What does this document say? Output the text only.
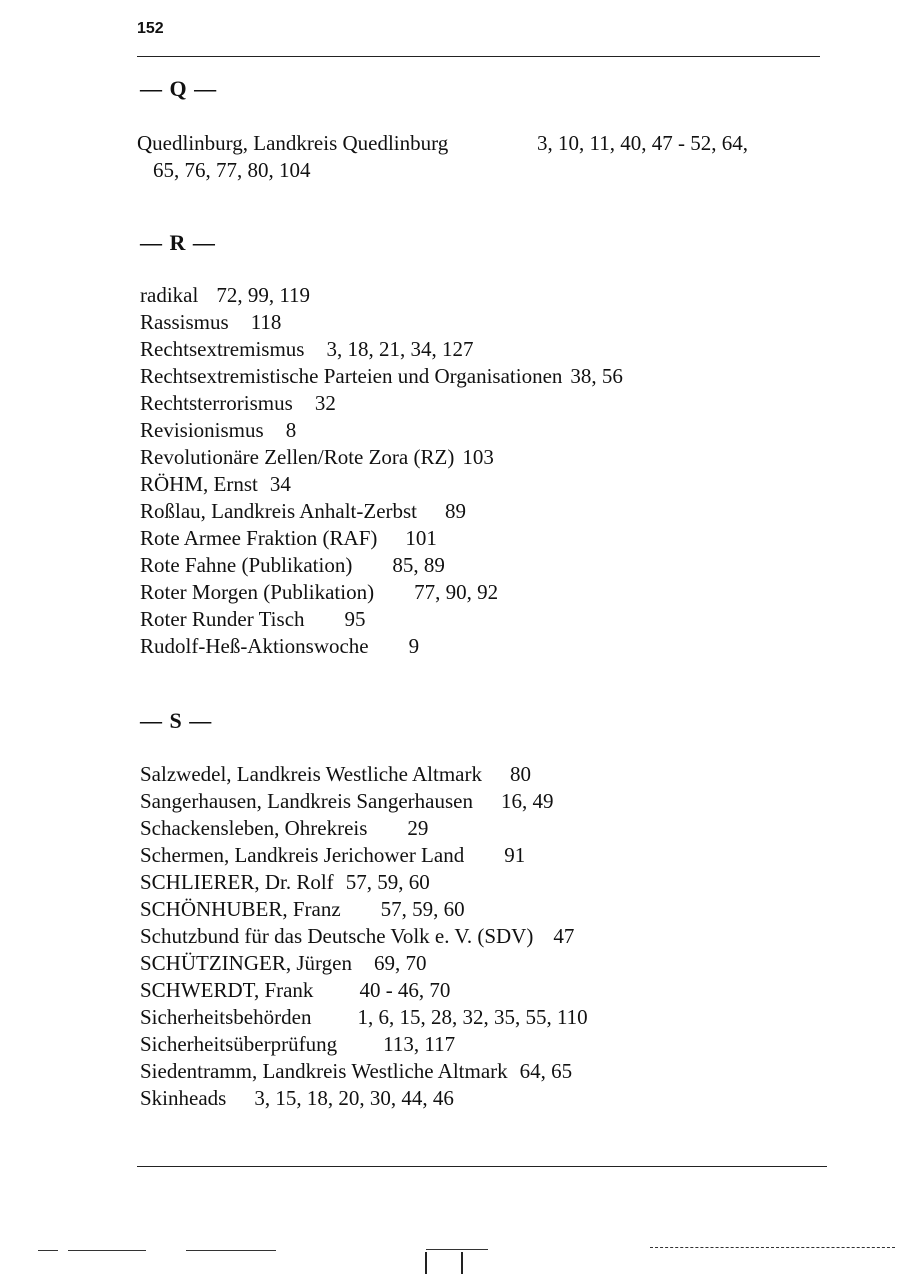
152
— Q —
Quedlinburg, Landkreis Quedlinburg	3, 10, 11, 40, 47 - 52, 64,
65, 76, 77, 80, 104
— R —
radikal 72, 99, 119
Rassismus 118
Rechtsextremismus 3, 18, 21, 34, 127
Rechtsextremistische Parteien und Organisationen 38, 56
Rechtsterrorismus 32
Revisionismus 8
Revolutionäre Zellen/Rote Zora (RZ) 103
RÖHM, Ernst 34
Roßlau, Landkreis Anhalt-Zerbst 89
Rote Armee Fraktion (RAF) 101
Rote Fahne (Publikation) 85, 89
Roter Morgen (Publikation) 77, 90, 92
Roter Runder Tisch 95
Rudolf-Heß-Aktionswoche 9
— S —
Salzwedel, Landkreis Westliche Altmark 80
Sangerhausen, Landkreis Sangerhausen 16, 49
Schackensleben, Ohrekreis 29
Schermen, Landkreis Jerichower Land 91
SCHLIERER, Dr. Rolf 57, 59, 60
SCHÖNHUBER, Franz 57, 59, 60
Schutzbund für das Deutsche Volk e. V. (SDV) 47
SCHÜTZINGER, Jürgen 69, 70
SCHWERDT, Frank 40 - 46, 70
Sicherheitsbehörden 1, 6, 15, 28, 32, 35, 55, 110
Sicherheitsüberprüfung 113, 117
Siedentramm, Landkreis Westliche Altmark 64, 65
Skinheads 3, 15, 18, 20, 30, 44, 46
